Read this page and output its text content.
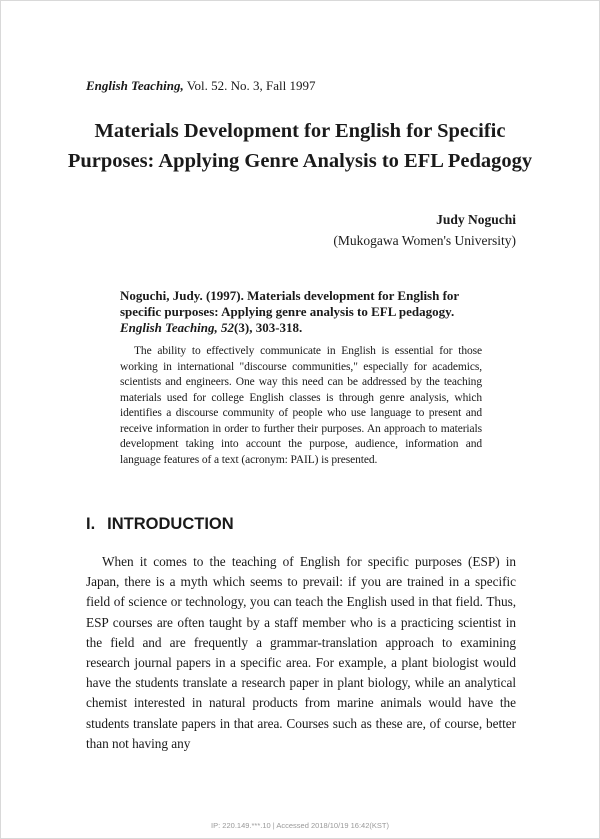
English Teaching, Vol. 52. No. 3, Fall 1997
Materials Development for English for Specific
Purposes: Applying Genre Analysis to EFL Pedagogy
Judy Noguchi
(Mukogawa Women's University)
Noguchi, Judy. (1997). Materials development for English for specific purposes: Applying genre analysis to EFL pedagogy. English Teaching, 52(3), 303-318.
The ability to effectively communicate in English is essential for those working in international "discourse communities," especially for academics, scientists and engineers. One way this need can be addressed by the teaching materials used for college English classes is through genre analysis, which identifies a discourse community of people who use language to present and receive information in order to further their purposes. An approach to materials development taking into account the purpose, audience, information and language features of a text (acronym: PAIL) is presented.
I. INTRODUCTION
When it comes to the teaching of English for specific purposes (ESP) in Japan, there is a myth which seems to prevail: if you are trained in a specific field of science or technology, you can teach the English used in that field. Thus, ESP courses are often taught by a staff member who is a practicing scientist in the field and are frequently a grammar-translation approach to examining research journal papers in a specific area. For example, a plant biologist would have the students translate a research paper in plant biology, while an analytical chemist interested in natural products from marine animals would have the students translate papers in that area. Courses such as these are, of course, better than not having any
IP: 220.149.***.10 | Accessed 2018/10/19 16:42(KST)
